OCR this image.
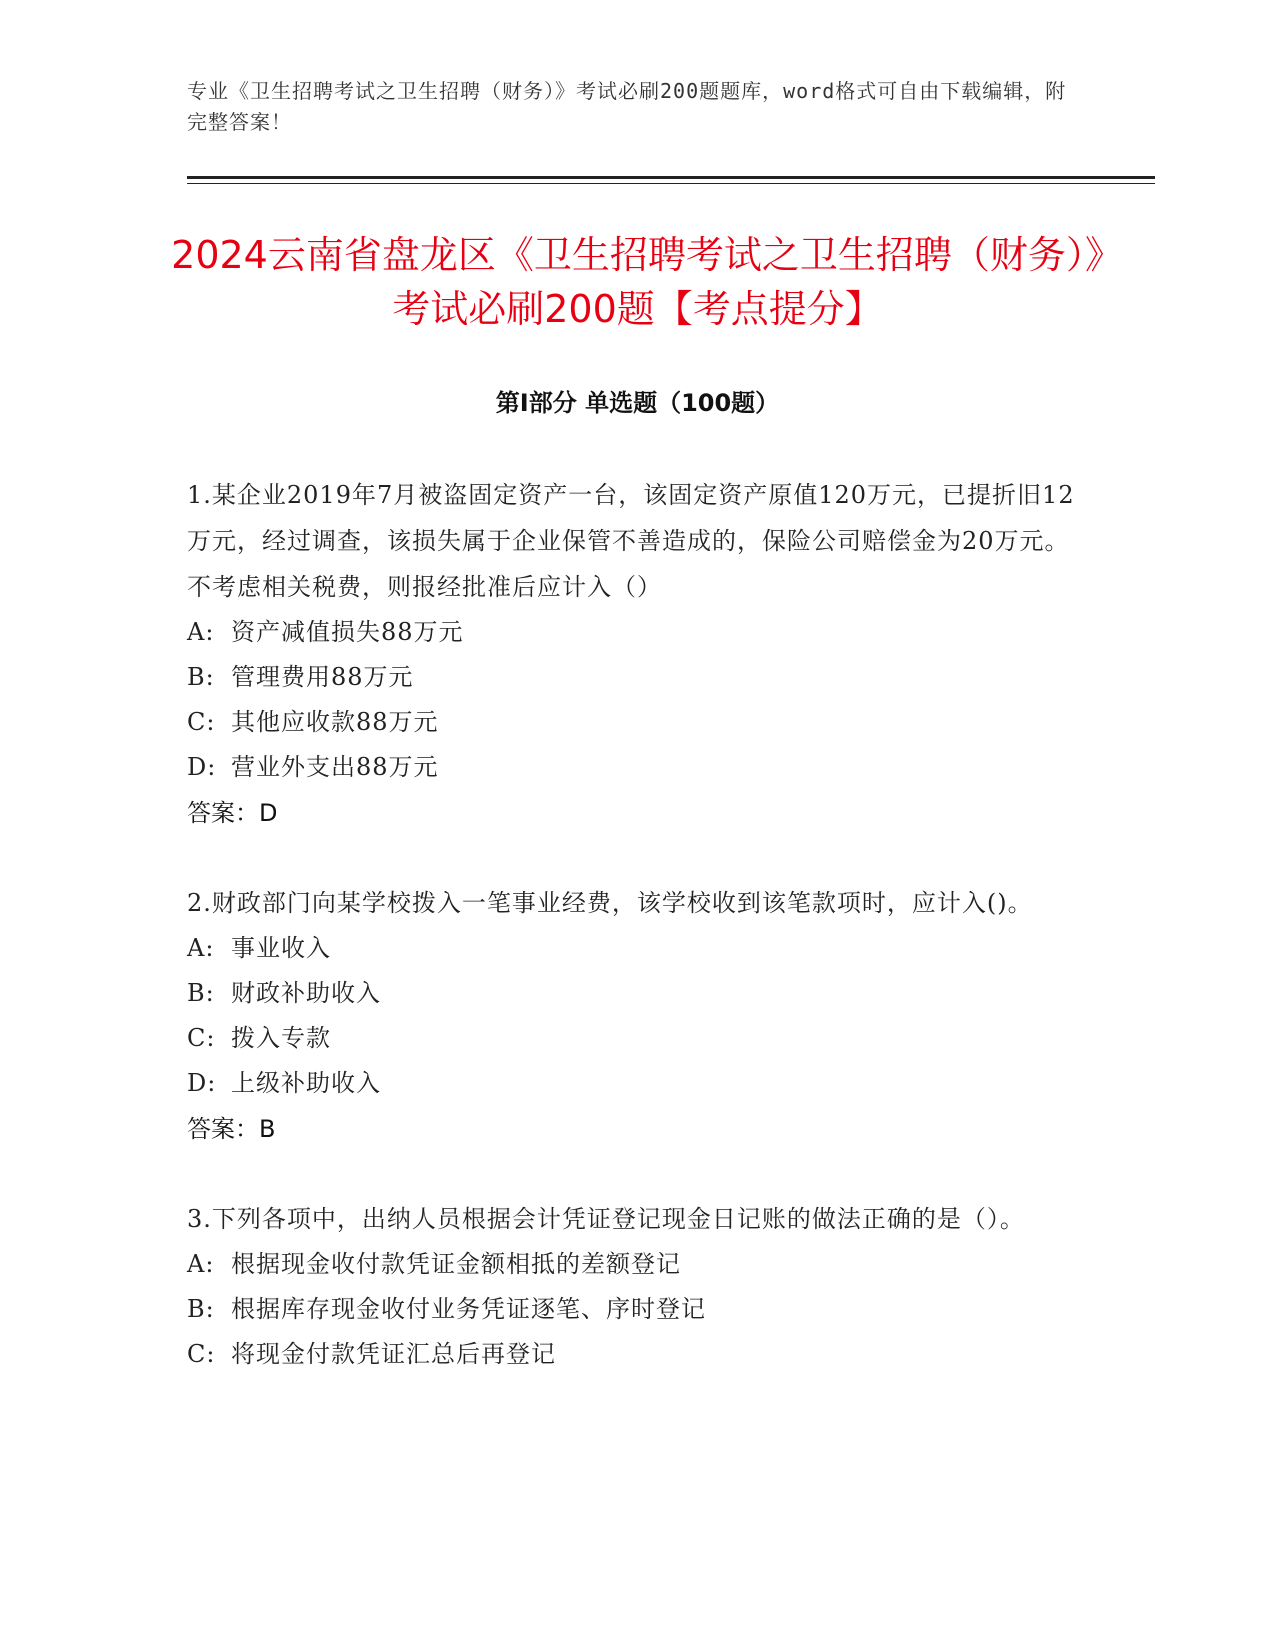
专业《卫生招聘考试之卫生招聘（财务）》考试必刷200题题库，word格式可自由下载编辑，附完整答案！
2024云南省盘龙区《卫生招聘考试之卫生招聘（财务）》考试必刷200题【考点提分】
第I部分 单选题（100题）
1.某企业2019年7月被盗固定资产一台，该固定资产原值120万元，已提折旧12万元，经过调查，该损失属于企业保管不善造成的，保险公司赔偿金为20万元。不考虑相关税费，则报经批准后应计入（）
A: 资产减值损失88万元
B: 管理费用88万元
C: 其他应收款88万元
D: 营业外支出88万元
答案：D
2.财政部门向某学校拨入一笔事业经费，该学校收到该笔款项时，应计入()。
A: 事业收入
B: 财政补助收入
C: 拨入专款
D: 上级补助收入
答案：B
3.下列各项中，出纳人员根据会计凭证登记现金日记账的做法正确的是（）。
A: 根据现金收付款凭证金额相抵的差额登记
B: 根据库存现金收付业务凭证逐笔、序时登记
C: 将现金付款凭证汇总后再登记
